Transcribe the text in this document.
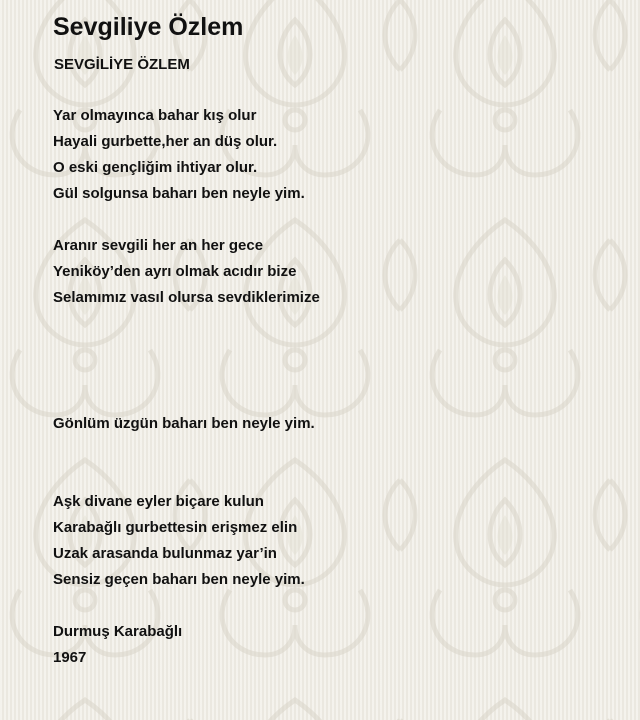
Sevgiliye Özlem
SEVGİLİYE ÖZLEM
Yar olmayınca bahar kış olur
Hayali gurbette,her an düş olur.
O eski gençliğim ihtiyar olur.
Gül solgunsa baharı ben neyle yim.
Aranır sevgili her an her gece
Yeniköy’den ayrı olmak acıdır bize
Selamımız vasıl olursa sevdiklerimize
Gönlüm üzgün baharı ben neyle yim.
Aşk divane eyler biçare kulun
Karabağlı gurbettesin erişmez elin
Uzak arasanda bulunmaz yar’in
Sensiz geçen baharı ben neyle yim.
Durmuş Karabağlı
1967
